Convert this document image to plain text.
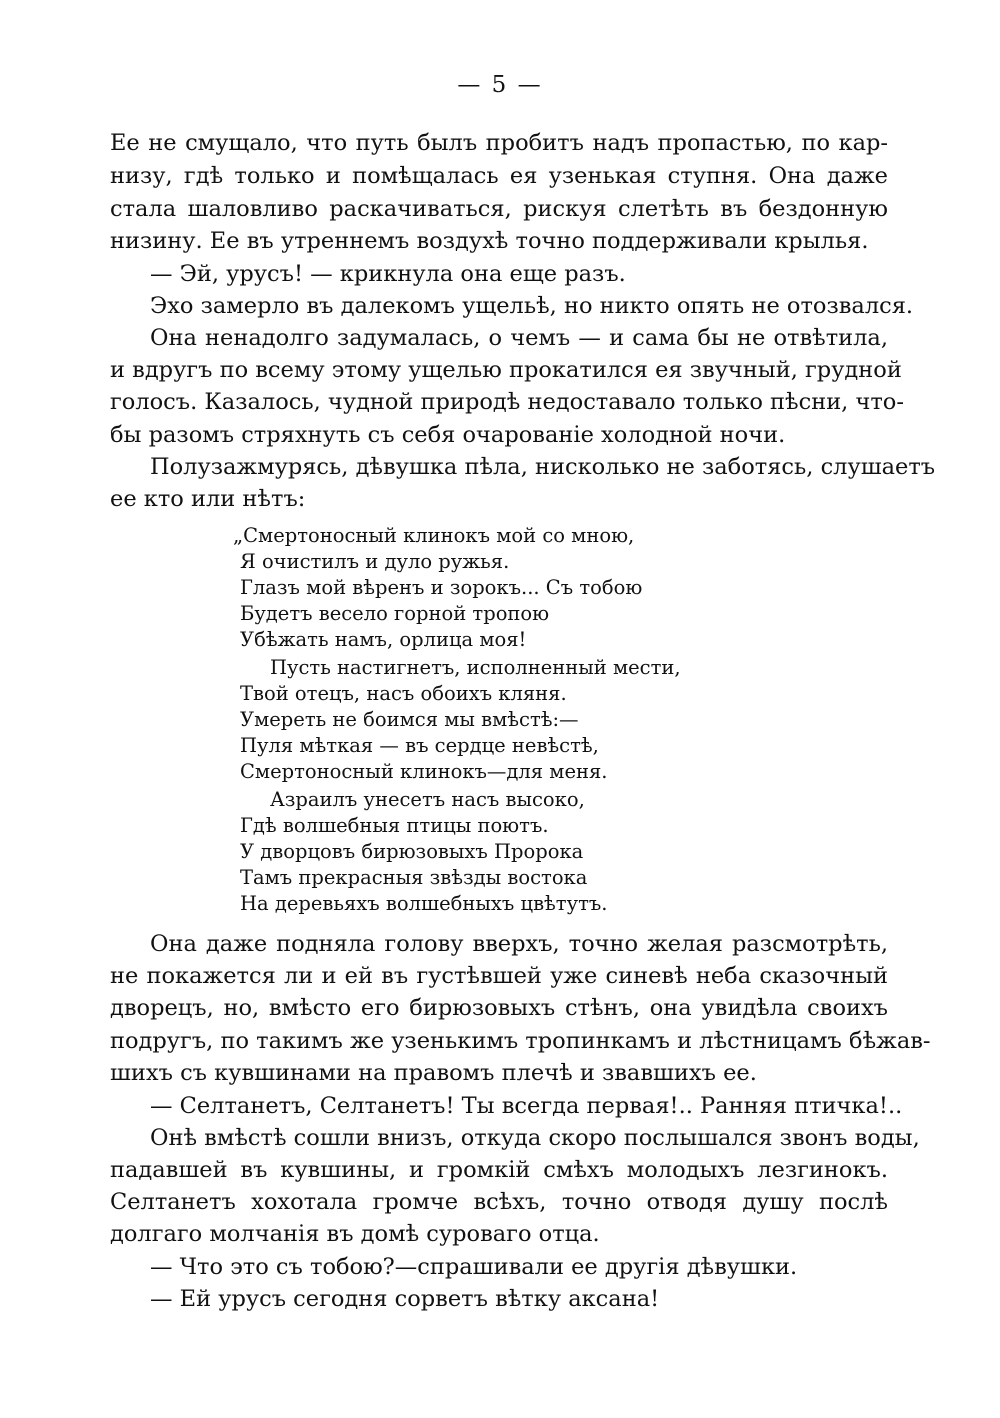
— 5 —
Ее не смущало, что путь былъ пробитъ надъ пропастью, по кар-
низу, гдѣ только и помѣщалась ея узенькая ступня. Она даже
стала шаловливо раскачиваться, рискуя слетѣть въ бездонную
низину. Ее въ утреннемъ воздухѣ точно поддерживали крылья.
— Эй, урусъ! — крикнула она еще разъ.
Эхо замерло въ далекомъ ущельѣ, но никто опять не отозвался.
Она ненадолго задумалась, о чемъ — и сама бы не отвѣтила,
и вдругъ по всему этому ущелью прокатился ея звучный, грудной
голосъ. Казалось, чудной природѣ недоставало только пѣсни, что-
бы разомъ стряхнуть съ себя очарованіе холодной ночи.
Полузажмурясь, дѣвушка пѣла, нисколько не заботясь, слушаетъ
ее кто или нѣтъ:
„Смертоносный клинокъ мой со мною,
Я очистилъ и дуло ружья.
Глазъ мой вѣренъ и зорокъ... Съ тобою
Будетъ весело горной тропою
Убѣжать намъ, орлица моя!
Пусть настигнетъ, исполненный мести,
Твой отецъ, насъ обоихъ кляня.
Умереть не боимся мы вмѣстѣ:—
Пуля мѣткая — въ сердце невѣстѣ,
Смертоносный клинокъ—для меня.
Азраилъ унесетъ насъ высоко,
Гдѣ волшебныя птицы поютъ.
У дворцовъ бирюзовыхъ Пророка
Тамъ прекрасныя звѣзды востока
На деревьяхъ волшебныхъ цвѣтутъ.
Она даже подняла голову вверхъ, точно желая разсмотрѣть,
не покажется ли и ей въ густѣвшей уже синевѣ неба сказочный
дворецъ, но, вмѣсто его бирюзовыхъ стѣнъ, она увидѣла своихъ
подругъ, по такимъ же узенькимъ тропинкамъ и лѣстницамъ бѣжав-
шихъ съ кувшинами на правомъ плечѣ и звавшихъ ее.
— Селтанетъ, Селтанетъ! Ты всегда первая!.. Ранняя птичка!..
Онѣ вмѣстѣ сошли внизъ, откуда скоро послышался звонъ воды,
падавшей въ кувшины, и громкій смѣхъ молодыхъ лезгинокъ.
Селтанетъ хохотала громче всѣхъ, точно отводя душу послѣ
долгаго молчанія въ домѣ суроваго отца.
— Что это съ тобою?—спрашивали ее другія дѣвушки.
— Ей урусъ сегодня сорветъ вѣтку аксана!
